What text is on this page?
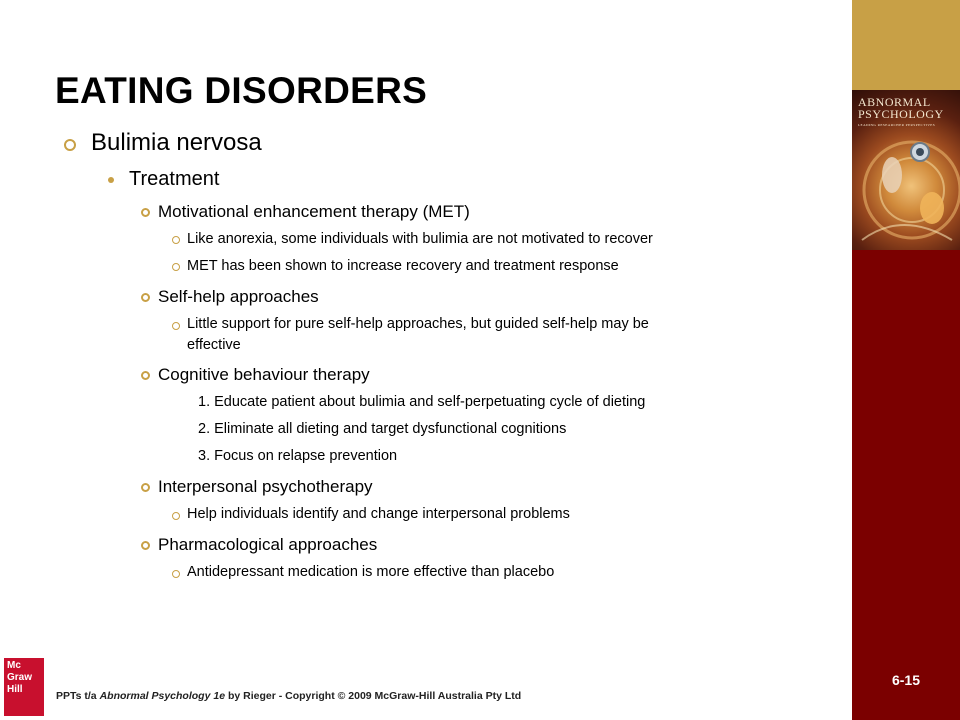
ABNORMAL
PSYCHOLOGY
LEADING RESEARCHER PERSPECTIVES
6-15
EATING DISORDERS
Bulimia nervosa
Treatment
Motivational enhancement therapy (MET)
Like anorexia, some individuals with bulimia are not motivated to recover
MET has been shown to increase recovery and treatment response
Self-help approaches
Little support for pure self-help approaches, but guided self-help may be
effective
Cognitive behaviour therapy
1. Educate patient about bulimia and self-perpetuating cycle of dieting
2. Eliminate all dieting and target dysfunctional cognitions
3. Focus on relapse prevention
Interpersonal psychotherapy
Help individuals identify and change interpersonal problems
Pharmacological approaches
Antidepressant medication is more effective than placebo
Mc
Graw
Hill
PPTs t/a Abnormal Psychology 1e by Rieger - Copyright © 2009 McGraw-Hill Australia Pty Ltd
